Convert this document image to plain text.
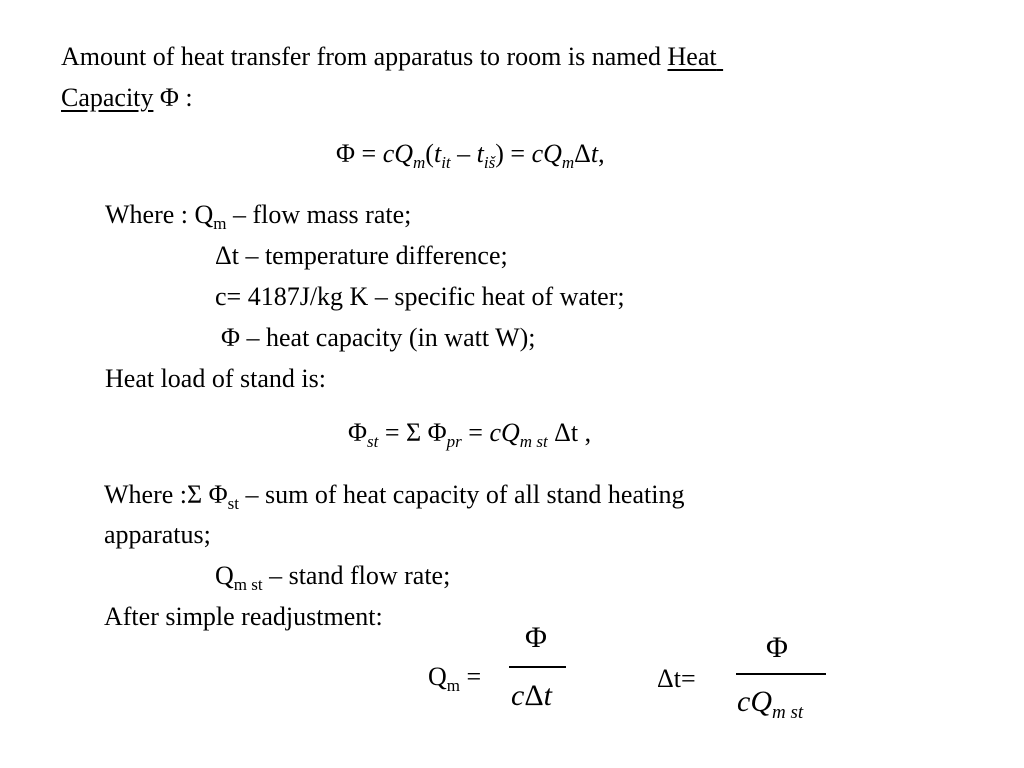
Amount of heat transfer from apparatus to room is named Heat
Capacity Φ :
$\Phi = cQ_m(t_{it} - t_{iš}) = cQ_m\Delta t$,
Where : $Q_m$ – flow mass rate;
Δt – temperature difference;
c= 4187J/kg K – specific heat of water;
Φ – heat capacity (in watt W);
Heat load of stand is:
$\Phi_{st} = \Sigma$ $\Phi_{pr} = cQ_{m st}$ Δt ,
Where :Σ $\Phi_{st}$ – sum of heat capacity of all stand heating
apparatus;
$Q_{m st}$ – stand flow rate;
After simple readjustment:
$Q_m$ =
Φ
cΔt
Δt=
Φ
$cQ_{m st}$
